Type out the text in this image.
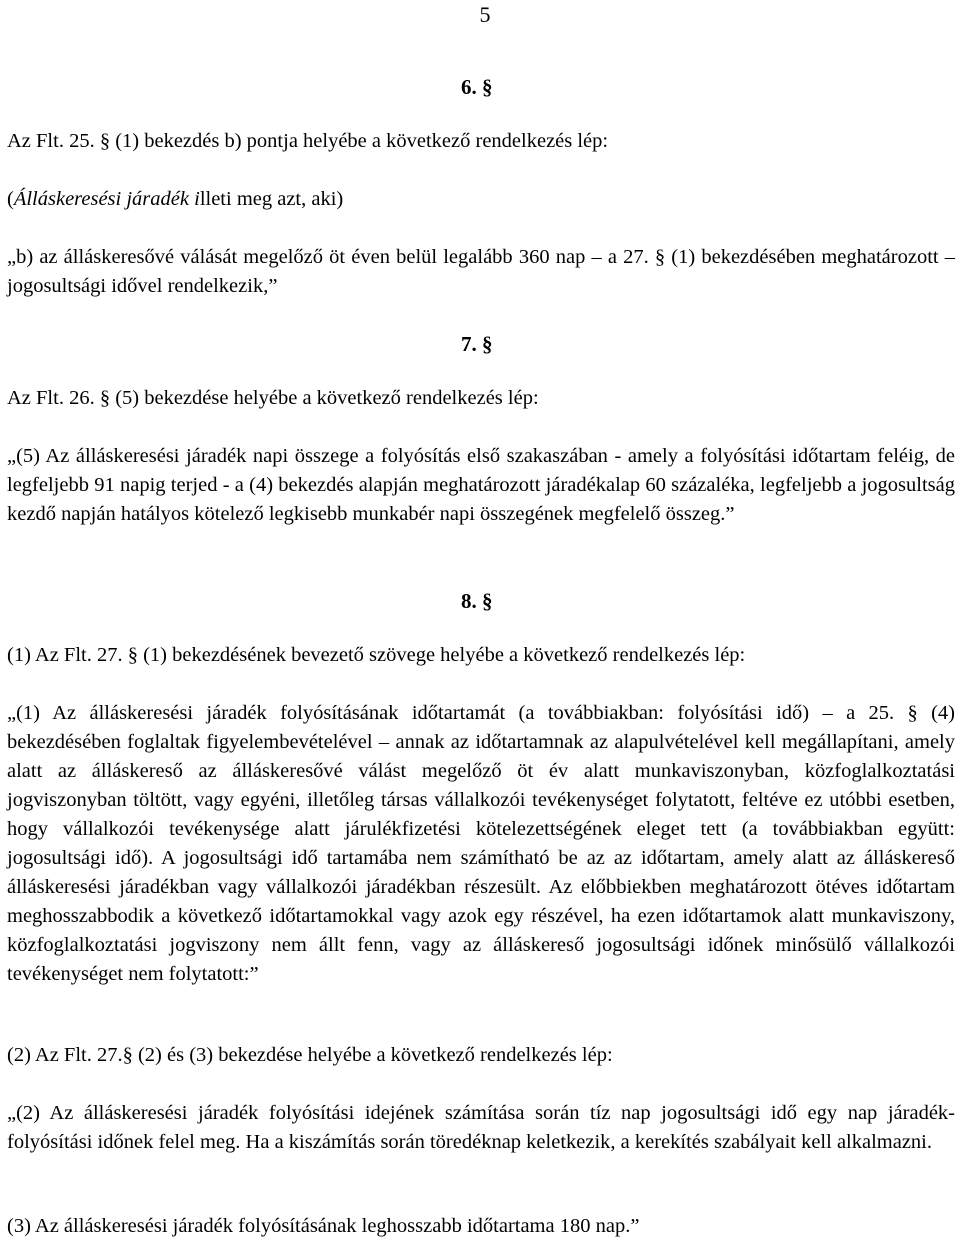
5
6. §

Az Flt. 25. § (1) bekezdés b) pontja helyébe a következő rendelkezés lép:

(Álláskeresési járadék illeti meg azt, aki)

„b) az álláskeresővé válását megelőző öt éven belül legalább 360 nap – a 27. § (1) bekezdésében meghatározott – jogosultsági idővel rendelkezik,”

7. §

Az Flt. 26. § (5) bekezdése helyébe a következő rendelkezés lép:

„(5) Az álláskeresési járadék napi összege a folyósítás első szakaszában - amely a folyósítási időtartam feléig, de legfeljebb 91 napig terjed - a (4) bekezdés alapján meghatározott járadékalap 60 százaléka, legfeljebb a jogosultság kezdő napján hatályos kötelező legkisebb munkabér napi összegének megfelelő összeg.”

8. §

(1) Az Flt. 27. § (1) bekezdésének bevezető szövege helyébe a következő rendelkezés lép:

„(1) Az álláskeresési járadék folyósításának időtartamát (a továbbiakban: folyósítási idő) – a 25. § (4) bekezdésében foglaltak figyelembevételével – annak az időtartamnak az alapulvételével kell megállapítani, amely alatt az álláskereső az álláskeresővé válást megelőző öt év alatt munkaviszonyban, közfoglalkoztatási jogviszonyban töltött, vagy egyéni, illetőleg társas vállalkozói tevékenységet folytatott, feltéve ez utóbbi esetben, hogy vállalkozói tevékenysége alatt járulékfizetési kötelezettségének eleget tett (a továbbiakban együtt: jogosultsági idő). A jogosultsági idő tartamába nem számítható be az az időtartam, amely alatt az álláskereső álláskeresési járadékban vagy vállalkozói járadékban részesült. Az előbbiekben meghatározott ötéves időtartam meghosszabbodik a következő időtartamokkal vagy azok egy részével, ha ezen időtartamok alatt munkaviszony, közfoglalkoztatási jogviszony nem állt fenn, vagy az álláskereső jogosultsági időnek minősülő vállalkozói tevékenységet nem folytatott:”

(2) Az Flt. 27.§ (2) és (3) bekezdése helyébe a következő rendelkezés lép:

„(2) Az álláskeresési járadék folyósítási idejének számítása során tíz nap jogosultsági idő egy nap járadék-folyósítási időnek felel meg. Ha a kiszámítás során töredéknap keletkezik, a kerekítés szabályait kell alkalmazni.

(3) Az álláskeresési járadék folyósításának leghosszabb időtartama 180 nap.”
